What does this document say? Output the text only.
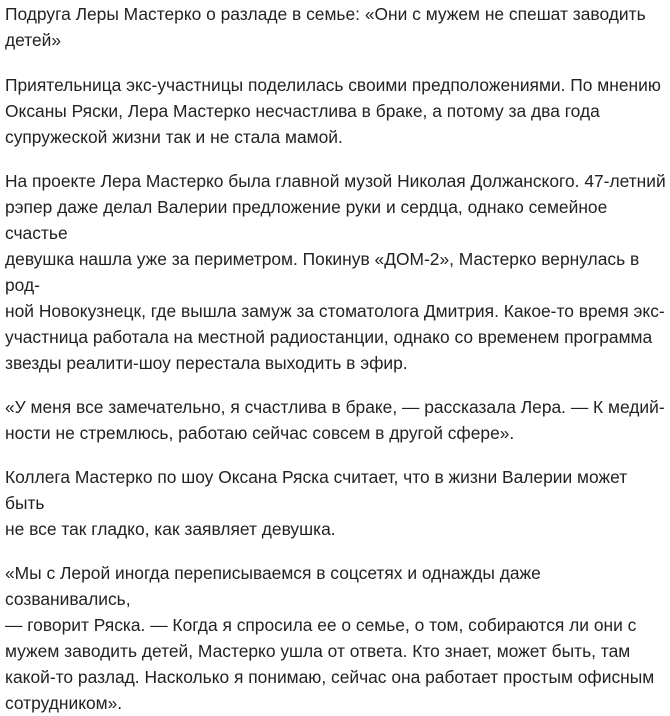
Подруга Леры Мастерко о разладе в семье: «Они с мужем не спешат заводить
детей»

Приятельница экс-участницы поделилась своими предположениями. По мнению
Оксаны Ряски, Лера Мастерко несчастлива в браке, а потому за два года
супружеской жизни так и не стала мамой.

На проекте Лера Мастерко была главной музой Николая Должанского. 47-летний
рэпер даже делал Валерии предложение руки и сердца, однако семейное счастье
девушка нашла уже за периметром. Покинув «ДОМ-2», Мастерко вернулась в род-
ной Новокузнецк, где вышла замуж за стоматолога Дмитрия. Какое-то время экс-
участница работала на местной радиостанции, однако со временем программа
звезды реалити-шоу перестала выходить в эфир.

«У меня все замечательно, я счастлива в браке, — рассказала Лера. — К медий-
ности не стремлюсь, работаю сейчас совсем в другой сфере».

Коллега Мастерко по шоу Оксана Ряска считает, что в жизни Валерии может быть
не все так гладко, как заявляет девушка.

«Мы с Лерой иногда переписываемся в соцсетях и однажды даже созванивались,
— говорит Ряска. — Когда я спросила ее о семье, о том, собираются ли они с
мужем заводить детей, Мастерко ушла от ответа. Кто знает, может быть, там
какой-то разлад. Насколько я понимаю, сейчас она работает простым офисным
сотрудником».
